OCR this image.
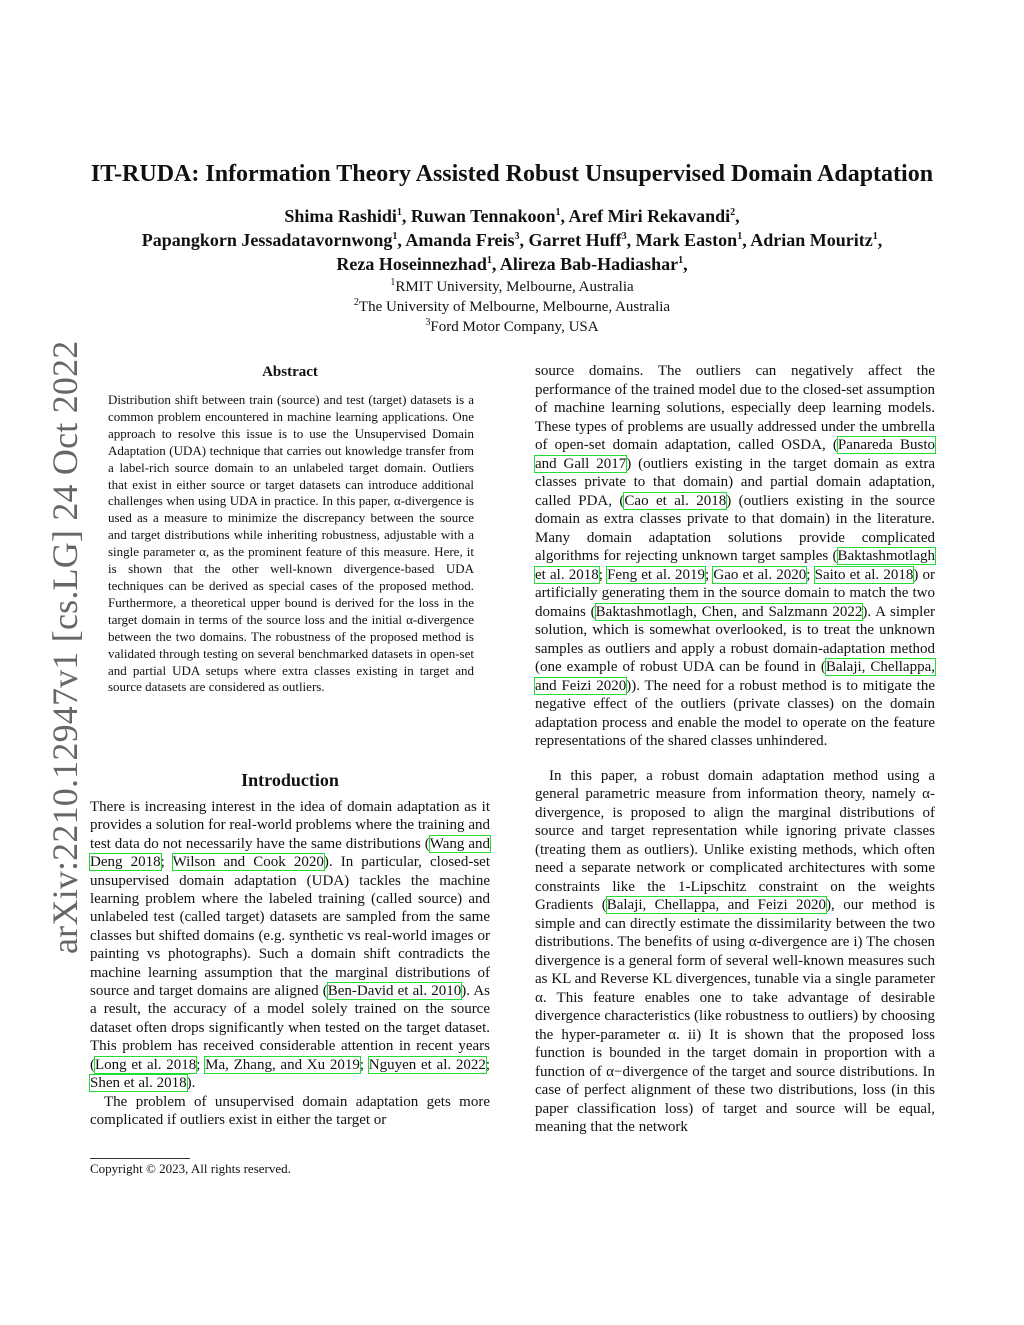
arXiv:2210.12947v1 [cs.LG] 24 Oct 2022
IT-RUDA: Information Theory Assisted Robust Unsupervised Domain Adaptation
Shima Rashidi$^1$, Ruwan Tennakoon$^1$, Aref Miri Rekavandi$^2$,
Papangkorn Jessadatavornwong$^1$, Amanda Freis$^3$, Garret Huff$^3$, Mark Easton$^1$, Adrian Mouritz$^1$,
Reza Hoseinnezhad$^1$, Alireza Bab-Hadiashar$^1$,
$^1$RMIT University, Melbourne, Australia
$^2$The University of Melbourne, Melbourne, Australia
$^3$Ford Motor Company, USA
Abstract
Distribution shift between train (source) and test (target) datasets is a common problem encountered in machine learning applications. One approach to resolve this issue is to use the Unsupervised Domain Adaptation (UDA) technique that carries out knowledge transfer from a label-rich source domain to an unlabeled target domain. Outliers that exist in either source or target datasets can introduce additional challenges when using UDA in practice. In this paper, α-divergence is used as a measure to minimize the discrepancy between the source and target distributions while inheriting robustness, adjustable with a single parameter α, as the prominent feature of this measure. Here, it is shown that the other well-known divergence-based UDA techniques can be derived as special cases of the proposed method. Furthermore, a theoretical upper bound is derived for the loss in the target domain in terms of the source loss and the initial α-divergence between the two domains. The robustness of the proposed method is validated through testing on several benchmarked datasets in open-set and partial UDA setups where extra classes existing in target and source datasets are considered as outliers.
Introduction

There is increasing interest in the idea of domain adaptation as it provides a solution for real-world problems where the training and test data do not necessarily have the same distributions (Wang and Deng 2018; Wilson and Cook 2020). In particular, closed-set unsupervised domain adaptation (UDA) tackles the machine learning problem where the labeled training (called source) and unlabeled test (called target) datasets are sampled from the same classes but shifted domains (e.g. synthetic vs real-world images or painting vs photographs). Such a domain shift contradicts the machine learning assumption that the marginal distributions of source and target domains are aligned (Ben-David et al. 2010). As a result, the accuracy of a model solely trained on the source dataset often drops significantly when tested on the target dataset. This problem has received considerable attention in recent years (Long et al. 2018; Ma, Zhang, and Xu 2019; Nguyen et al. 2022; Shen et al. 2018).

The problem of unsupervised domain adaptation gets more complicated if outliers exist in either the target or

source domains. The outliers can negatively affect the performance of the trained model due to the closed-set assumption of machine learning solutions, especially deep learning models. These types of problems are usually addressed under the umbrella of open-set domain adaptation, called OSDA, (Panareda Busto and Gall 2017) (outliers existing in the target domain as extra classes private to that domain) and partial domain adaptation, called PDA, (Cao et al. 2018) (outliers existing in the source domain as extra classes private to that domain) in the literature. Many domain adaptation solutions provide complicated algorithms for rejecting unknown target samples (Baktashmotlagh et al. 2018; Feng et al. 2019; Gao et al. 2020; Saito et al. 2018) or artificially generating them in the source domain to match the two domains (Baktashmotlagh, Chen, and Salzmann 2022). A simpler solution, which is somewhat overlooked, is to treat the unknown samples as outliers and apply a robust domain-adaptation method (one example of robust UDA can be found in (Balaji, Chellappa, and Feizi 2020)). The need for a robust method is to mitigate the negative effect of the outliers (private classes) on the domain adaptation process and enable the model to operate on the feature representations of the shared classes unhindered.

In this paper, a robust domain adaptation method using a general parametric measure from information theory, namely α-divergence, is proposed to align the marginal distributions of source and target representation while ignoring private classes (treating them as outliers). Unlike existing methods, which often need a separate network or complicated architectures with some constraints like the 1-Lipschitz constraint on the weights Gradients (Balaji, Chellappa, and Feizi 2020), our method is simple and can directly estimate the dissimilarity between the two distributions. The benefits of using α-divergence are i) The chosen divergence is a general form of several well-known measures such as KL and Reverse KL divergences, tunable via a single parameter α. This feature enables one to take advantage of desirable divergence characteristics (like robustness to outliers) by choosing the hyper-parameter α. ii) It is shown that the proposed loss function is bounded in the target domain in proportion with a function of α−divergence of the target and source distributions. In case of perfect alignment of these two distributions, loss (in this paper classification loss) of target and source will be equal, meaning that the network

Copyright © 2023, All rights reserved.
